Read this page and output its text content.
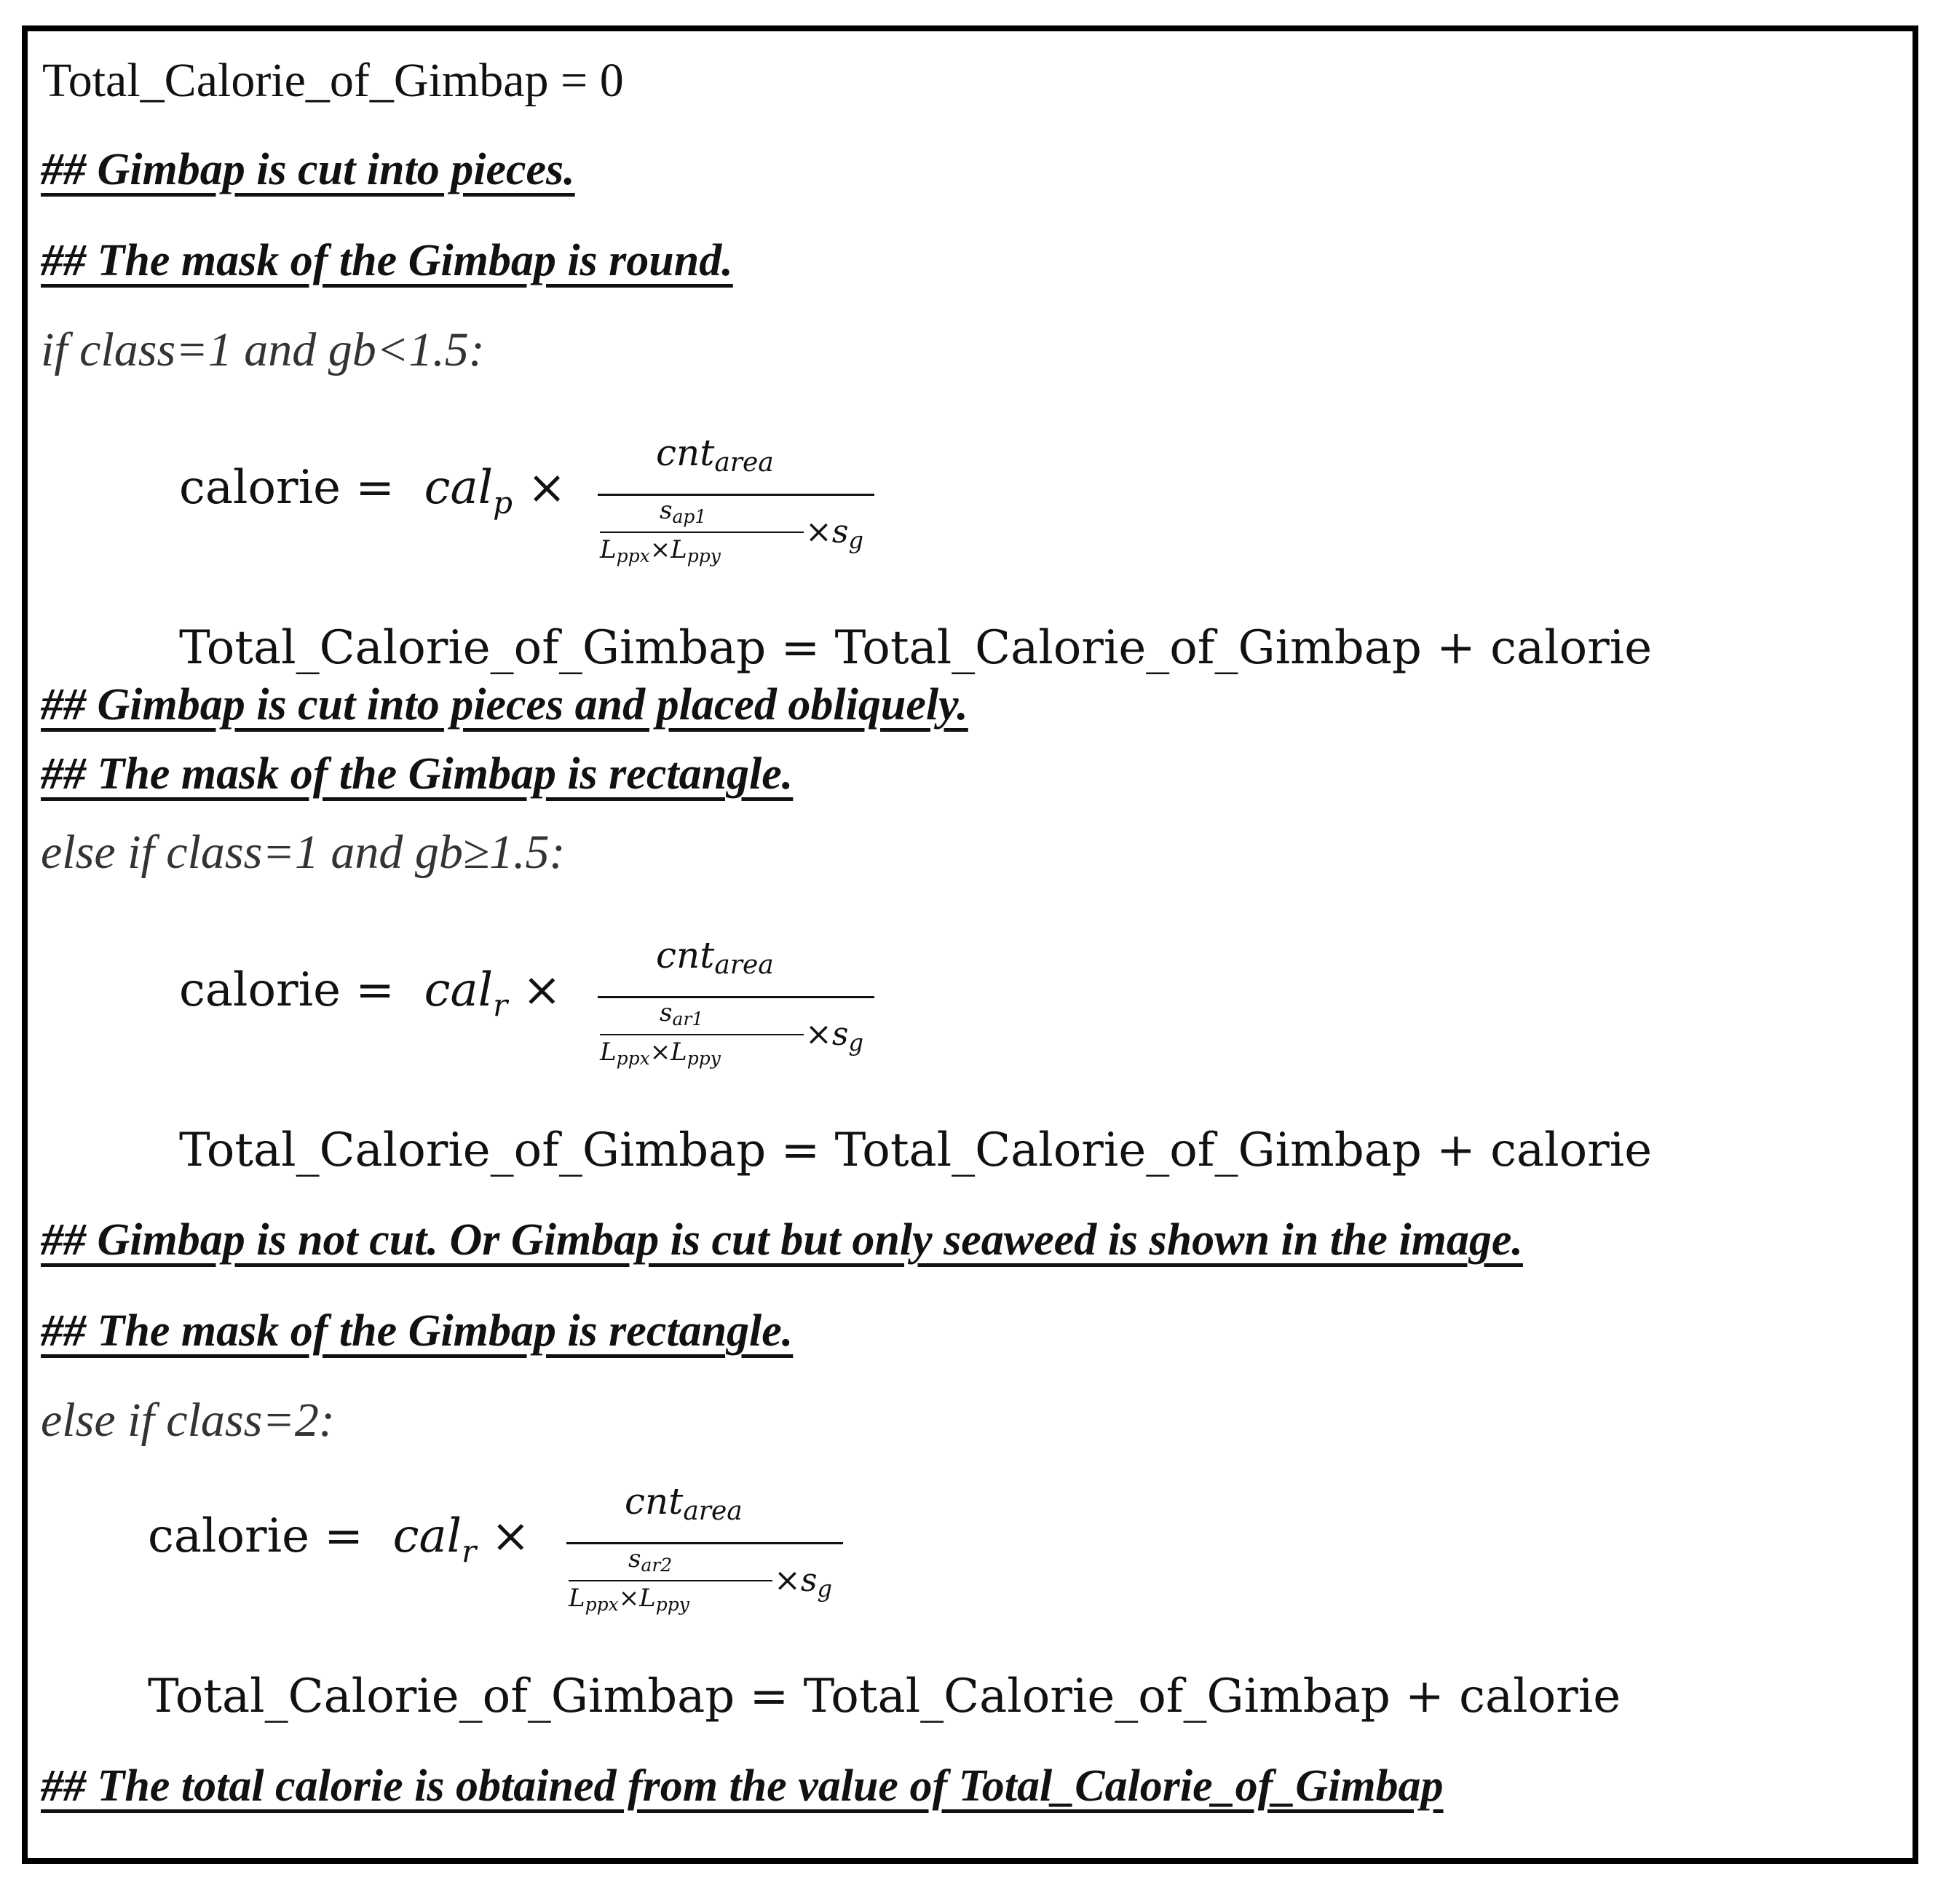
Total_Calorie_of_Gimbap = 0
## Gimbap is cut into pieces.
## The mask of the Gimbap is round.
if class=1 and gb<1.5:
calorie = cal$_p$ ×
cnt$_{area}$
$s_{ap1}$
$L_{ppx}\times L_{ppy}$
$\times s_g$
Total_Calorie_of_Gimbap = Total_Calorie_of_Gimbap + calorie
## Gimbap is cut into pieces and placed obliquely.
## The mask of the Gimbap is rectangle.
else if class=1 and gb≥1.5:
calorie = cal$_r$ ×
cnt$_{area}$
$s_{ar1}$
$L_{ppx}\times L_{ppy}$
$\times s_g$
Total_Calorie_of_Gimbap = Total_Calorie_of_Gimbap + calorie
## Gimbap is not cut. Or Gimbap is cut but only seaweed is shown in the image.
## The mask of the Gimbap is rectangle.
else if class=2:
calorie = cal$_r$ ×
cnt$_{area}$
$s_{ar2}$
$L_{ppx}\times L_{ppy}$
$\times s_g$
Total_Calorie_of_Gimbap = Total_Calorie_of_Gimbap + calorie
## The total calorie is obtained from the value of Total_Calorie_of_Gimbap
